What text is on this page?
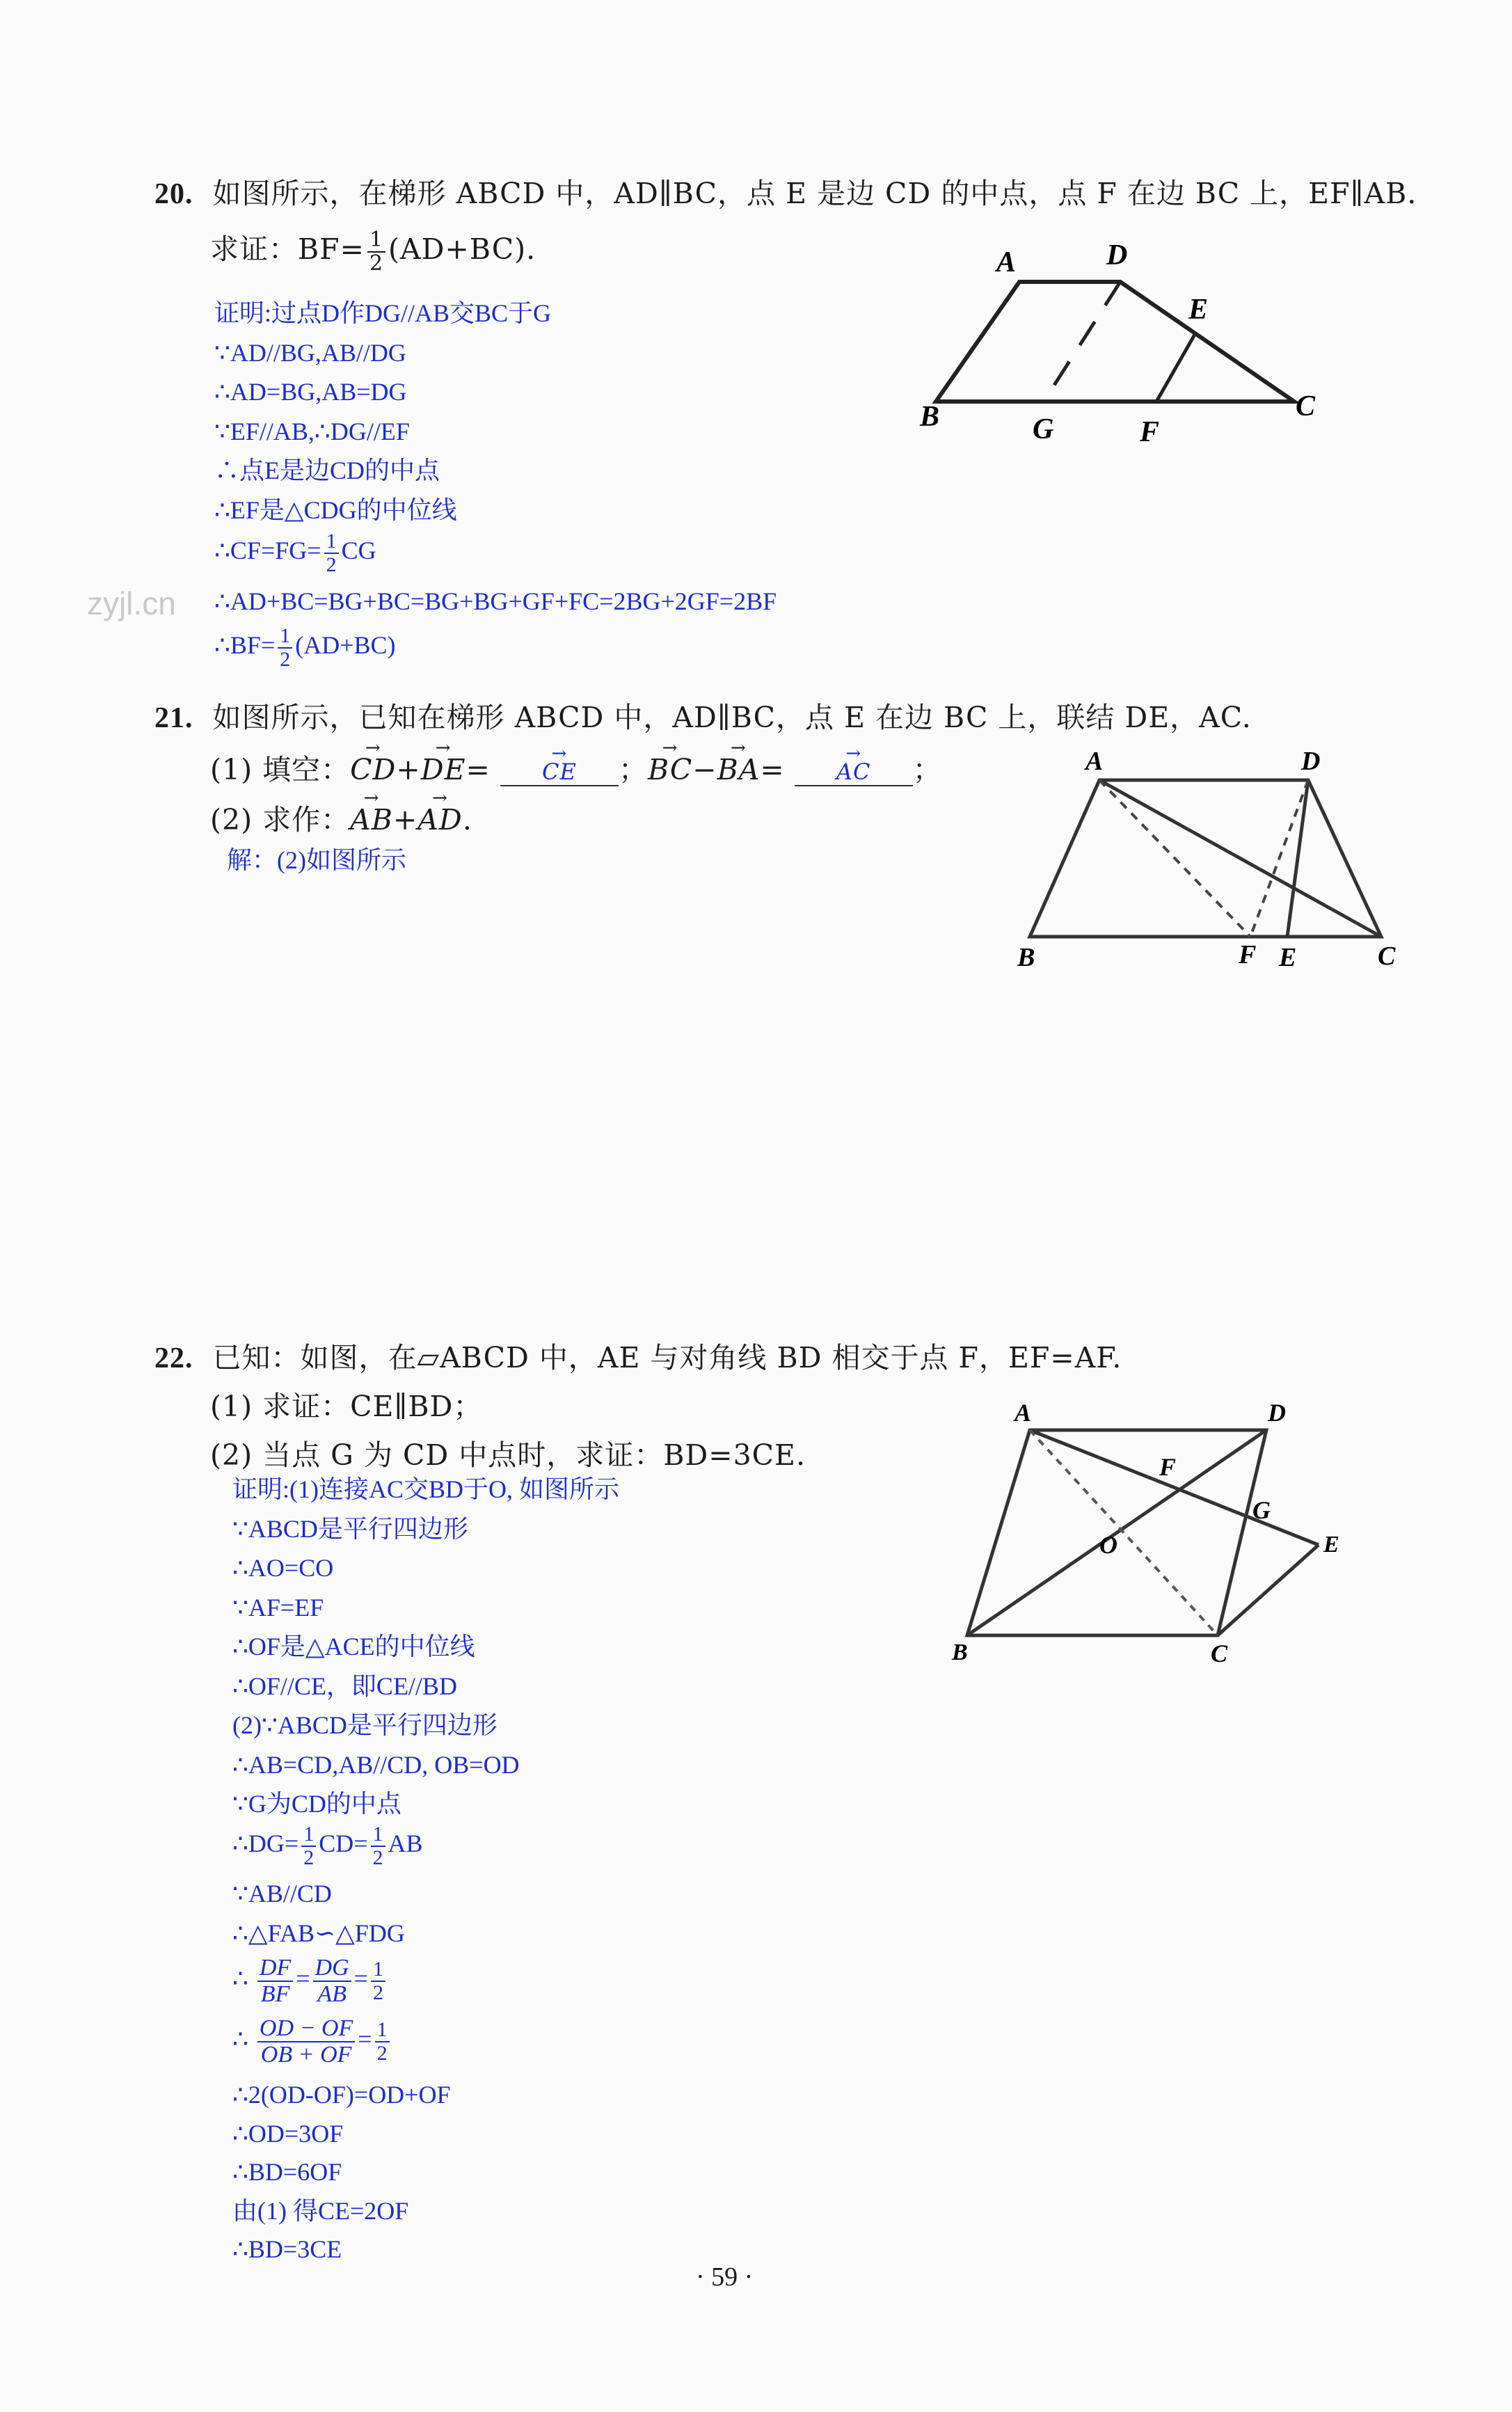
zyjl.cn
20. 如图所示，在梯形 ABCD 中，AD∥BC，点 E 是边 CD 的中点，点 F 在边 BC 上，EF∥AB.
求证：$BF= \frac{1}{2} (AD+BC)$.
证明:过点D作DG//AB交BC于G
∵AD//BG,AB//DG
∴AD=BG,AB=DG
∵EF//AB,∴DG//EF
∴点E是边CD的中点
∴EF是△CDG的中位线
∴CF=FG= $\frac{1}{2}$ CG
∴AD+BC=BG+BC=BG+BG+GF+FC=2BG+2GF=2BF
∴BF= $\frac{1}{2} (AD+BC)$
A	D
E
B	G	F
C
21. 如图所示，已知在梯形 ABCD 中，AD∥BC，点 E 在边 BC 上，联结 DE，AC.
(1) 填空：→ CD+→ DE= → CE ；→ BC−→ BA= → AC ；
(2) 求作：→ AB+→ AD.
解：(2)如图所示
A	D
B	F E	C
22. 已知：如图，在▱ABCD 中，AE 与对角线 BD 相交于点 F，EF=AF.
(1) 求证：CE∥BD；
(2) 当点 G 为 CD 中点时，求证：BD=3CE.
证明:(1)连接AC交BD于O, 如图所示
∵ABCD是平行四边形
∴AO=CO
∵AF=EF
∴OF是△ACE的中位线
∴OF//CE，即CE//BD
(2)∵ABCD是平行四边形
∴AB=CD,AB//CD, OB=OD
∵G为CD的中点
∴DG= $\frac{1}{2} CD= \frac{1}{2}$ AB
∵AB//CD
∴△FAB∽△FDG
∴ $\frac{DF}{BF} = \frac{DG}{AB} = \frac{1}{2}$
∴ $\frac{OD - OF}{OB + OF} = \frac{1}{2}$
∴2(OD-OF)=OD+OF
∴OD=3OF
∴BD=6OF
由(1) 得CE=2OF
∴BD=3CE
A	D
F
G
E
O
B	C
· 59 ·
